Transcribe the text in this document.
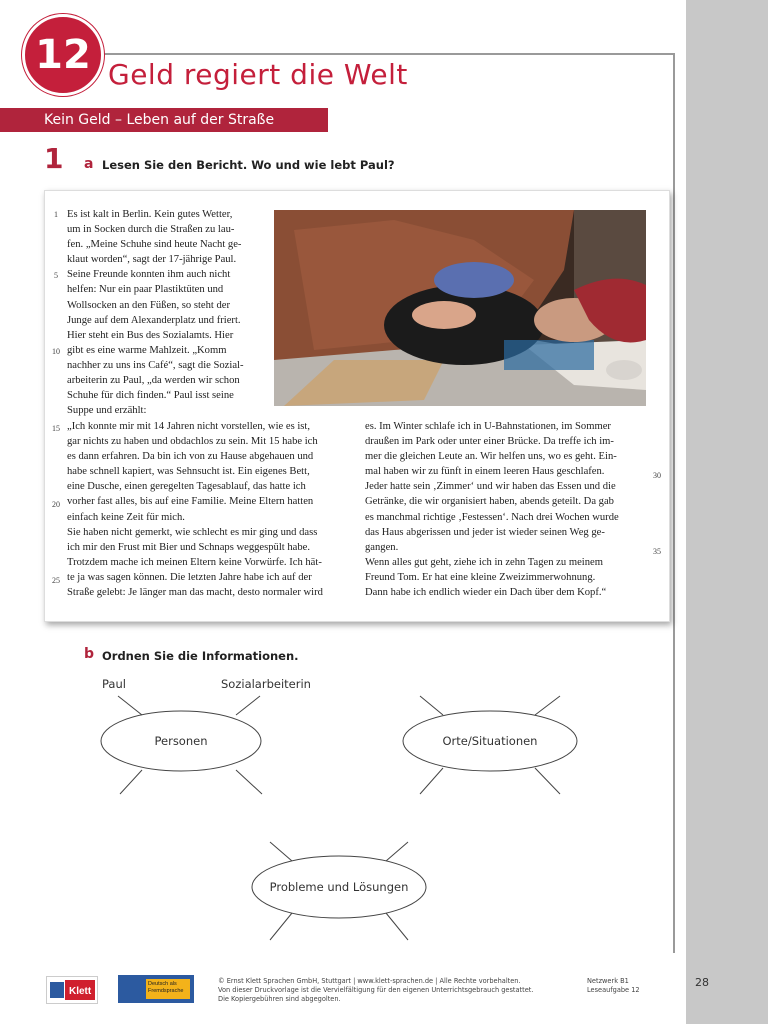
12 Geld regiert die Welt
Kein Geld – Leben auf der Straße
1 a Lesen Sie den Bericht. Wo und wie lebt Paul?

Es ist kalt in Berlin. Kein gutes Wetter,

um in Socken durch die Straßen zu lau-

fen. „Meine Schuhe sind heute Nacht ge-

klaut worden“, sagt der 17-jährige Paul.

Seine Freunde konnten ihm auch nicht

helfen: Nur ein paar Plastiktüten und

Wollsocken an den Füßen, so steht der

Junge auf dem Alexanderplatz und friert.

Hier steht ein Bus des Sozialamts. Hier

gibt es eine warme Mahlzeit. „Komm

nachher zu uns ins Café“, sagt die Sozial-

arbeiterin zu Paul, „da werden wir schon

Schuhe für dich finden.“ Paul isst seine

Suppe und erzählt:

„Ich konnte mir mit 14 Jahren nicht vorstellen, wie es ist,

gar nichts zu haben und obdachlos zu sein. Mit 15 habe ich

es dann erfahren. Da bin ich von zu Hause abgehauen und

habe schnell kapiert, was Sehnsucht ist. Ein eigenes Bett,

eine Dusche, einen geregelten Tagesablauf, das hatte ich

vorher fast alles, bis auf eine Familie. Meine Eltern hatten

einfach keine Zeit für mich.

Sie haben nicht gemerkt, wie schlecht es mir ging und dass

ich mir den Frust mit Bier und Schnaps weggespült habe.

Trotzdem mache ich meinen Eltern keine Vorwürfe. Ich hät-

te ja was sagen können. Die letzten Jahre habe ich auf der

Straße gelebt: Je länger man das macht, desto normaler wird

es. Im Winter schlafe ich in U-Bahnstationen, im Sommer

draußen im Park oder unter einer Brücke. Da treffe ich im-

mer die gleichen Leute an. Wir helfen uns, wo es geht. Ein-

mal haben wir zu fünft in einem leeren Haus geschlafen.

Jeder hatte sein ‚Zimmer‘ und wir haben das Essen und die

Getränke, die wir organisiert haben, abends geteilt. Da gab

es manchmal richtige ‚Festessen‘. Nach drei Wochen wurde

das Haus abgerissen und jeder ist wieder seinen Weg ge-

gangen.

Wenn alles gut geht, ziehe ich in zehn Tagen zu meinem

Freund Tom. Er hat eine kleine Zweizimmerwohnung.

Dann habe ich endlich wieder ein Dach über dem Kopf.“

1
5
10
15
20
25
30
35
b Ordnen Sie die Informationen.
Paul	Sozialarbeiterin
Personen	Orte/Situationen
Probleme und Lösungen
Klett
Deutsch als
Fremdsprache
© Ernst Klett Sprachen GmbH, Stuttgart | www.klett-sprachen.de | Alle Rechte vorbehalten.
Von dieser Druckvorlage ist die Vervielfältigung für den eigenen Unterrichtsgebrauch gestattet.
Die Kopiergebühren sind abgegolten.
Netzwerk B1
Leseaufgabe 12
28
